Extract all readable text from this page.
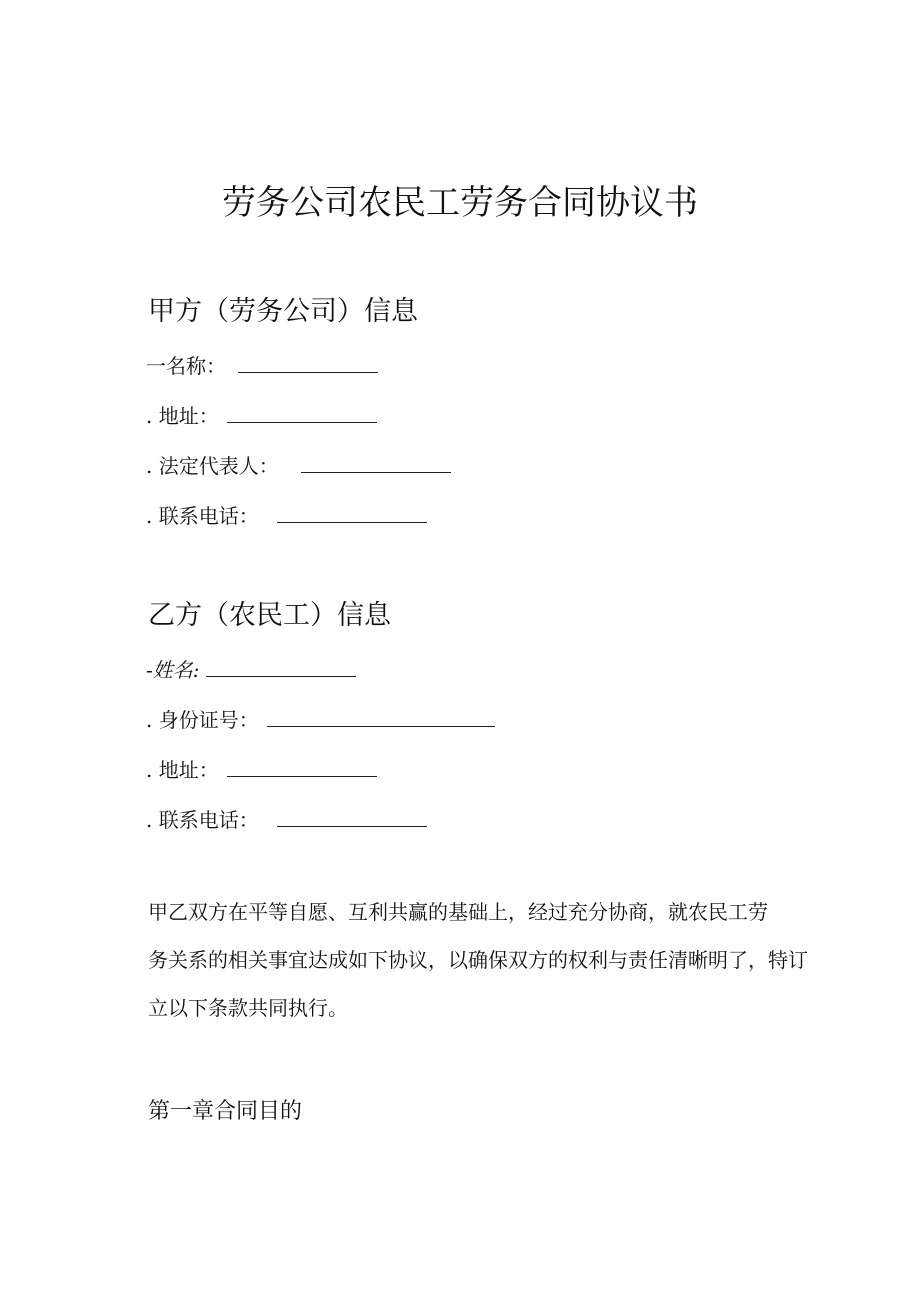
劳务公司农民工劳务合同协议书
甲方（劳务公司）信息
一名称：
. 地址：
. 法定代表人：
. 联系电话：
乙方（农民工）信息
-姓名:
. 身份证号：
. 地址：
. 联系电话：
甲乙双方在平等自愿、互利共赢的基础上，经过充分协商，就农民工劳
务关系的相关事宜达成如下协议，以确保双方的权利与责任清晰明了，特订
立以下条款共同执行。
第一章合同目的
